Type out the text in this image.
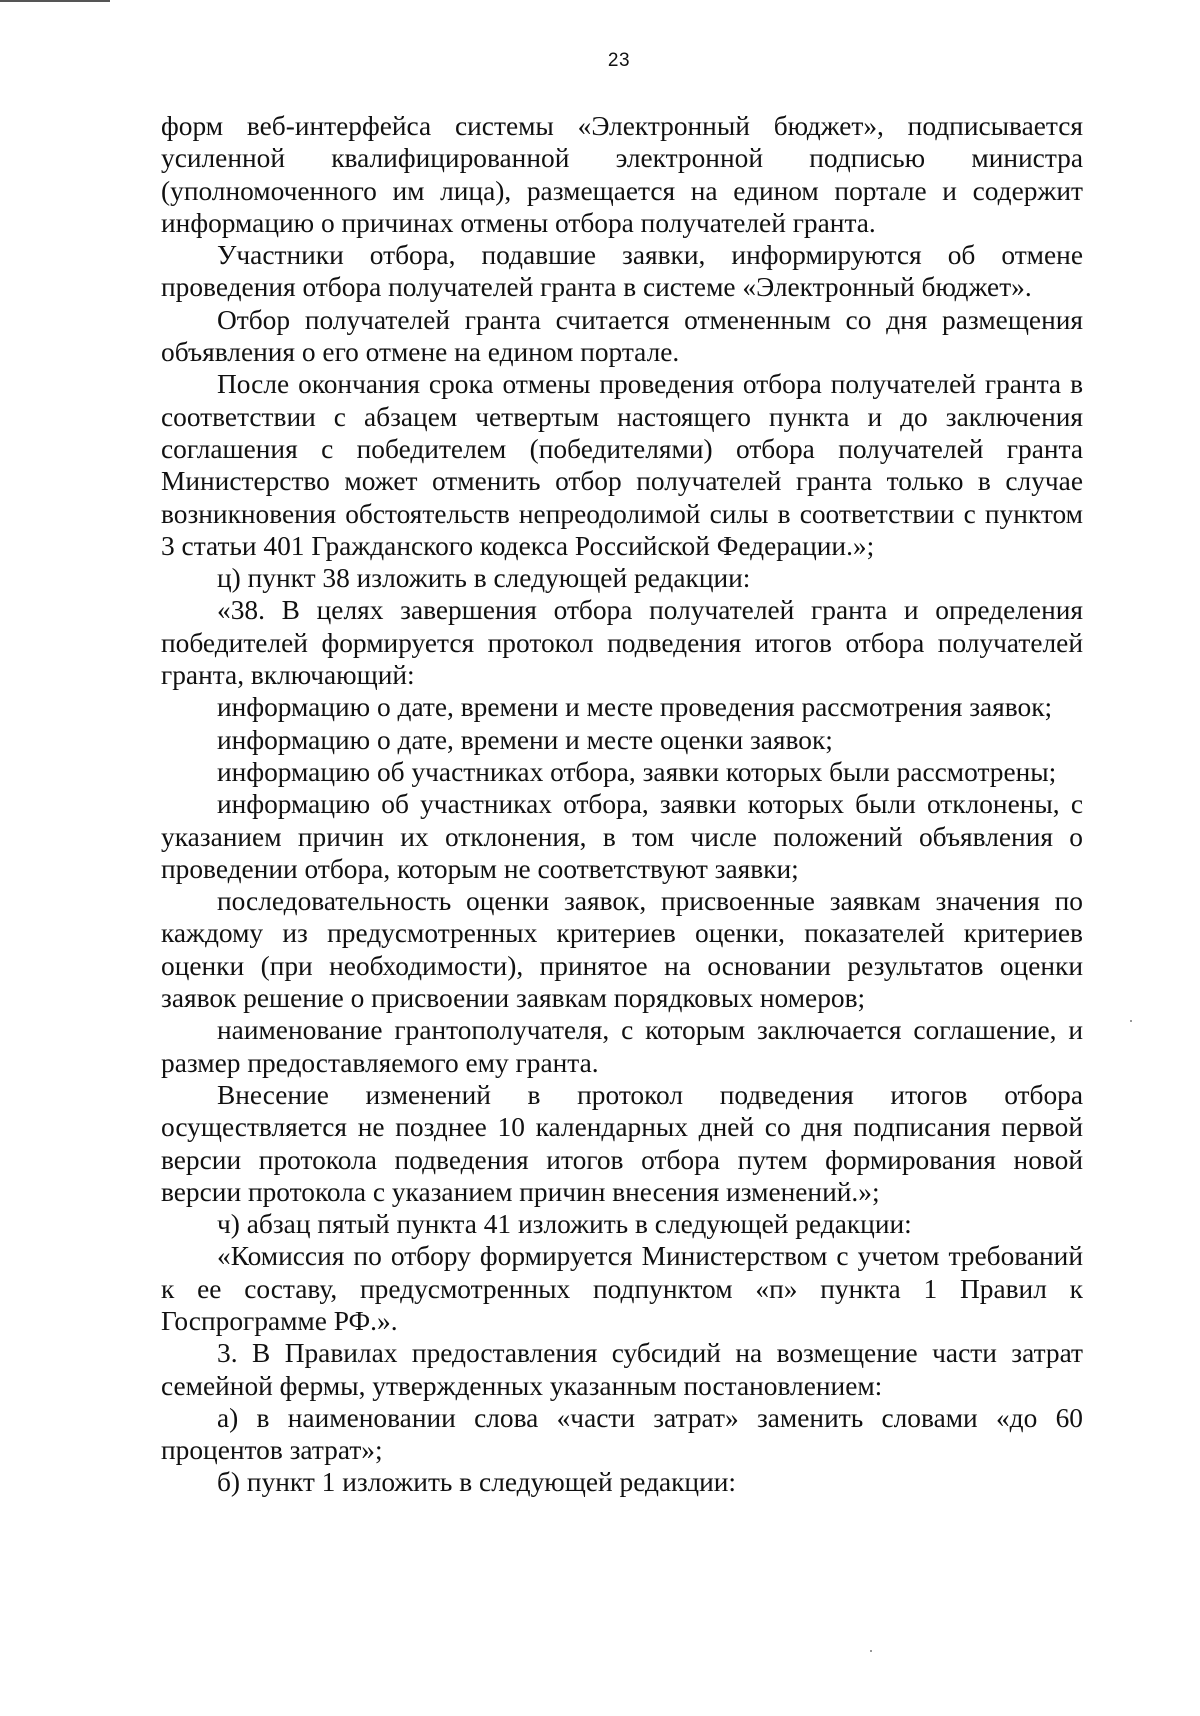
23

форм веб-интерфейса системы «Электронный бюджет», подписывается усиленной квалифицированной электронной подписью министра (уполномоченного им лица), размещается на едином портале и содержит информацию о причинах отмены отбора получателей гранта.

Участники отбора, подавшие заявки, информируются об отмене проведения отбора получателей гранта в системе «Электронный бюджет».

Отбор получателей гранта считается отмененным со дня размещения объявления о его отмене на едином портале.

После окончания срока отмены проведения отбора получателей гранта в соответствии с абзацем четвертым настоящего пункта и до заключения соглашения с победителем (победителями) отбора получателей гранта Министерство может отменить отбор получателей гранта только в случае возникновения обстоятельств непреодолимой силы в соответствии с пунктом 3 статьи 401 Гражданского кодекса Российской Федерации.»;

ц) пункт 38 изложить в следующей редакции:

«38. В целях завершения отбора получателей гранта и определения победителей формируется протокол подведения итогов отбора получателей гранта, включающий:

информацию о дате, времени и месте проведения рассмотрения заявок;

информацию о дате, времени и месте оценки заявок;

информацию об участниках отбора, заявки которых были рассмотрены;

информацию об участниках отбора, заявки которых были отклонены, с указанием причин их отклонения, в том числе положений объявления о проведении отбора, которым не соответствуют заявки;

последовательность оценки заявок, присвоенные заявкам значения по каждому из предусмотренных критериев оценки, показателей критериев оценки (при необходимости), принятое на основании результатов оценки заявок решение о присвоении заявкам порядковых номеров;

наименование грантополучателя, с которым заключается соглашение, и размер предоставляемого ему гранта.

Внесение изменений в протокол подведения итогов отбора осуществляется не позднее 10 календарных дней со дня подписания первой версии протокола подведения итогов отбора путем формирования новой версии протокола с указанием причин внесения изменений.»;

ч) абзац пятый пункта 41 изложить в следующей редакции:

«Комиссия по отбору формируется Министерством с учетом требований к ее составу, предусмотренных подпунктом «п» пункта 1 Правил к Госпрограмме РФ.».

3. В Правилах предоставления субсидий на возмещение части затрат семейной фермы, утвержденных указанным постановлением:

а) в наименовании слова «части затрат» заменить словами «до 60 процентов затрат»;

б) пункт 1 изложить в следующей редакции:
